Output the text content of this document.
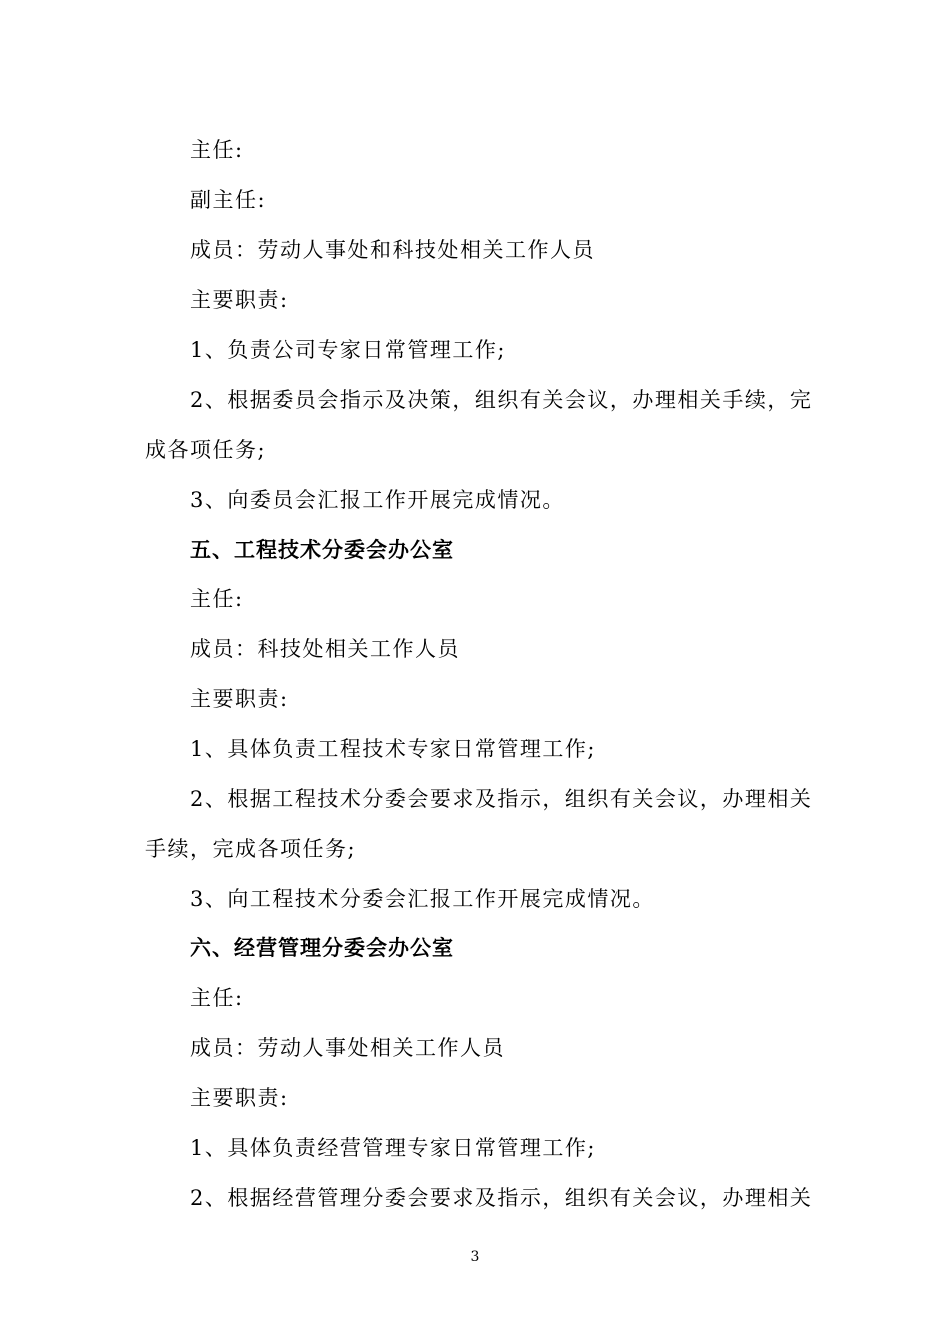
主任:
副主任:
成员：劳动人事处和科技处相关工作人员
主要职责:
1、负责公司专家日常管理工作;
2、根据委员会指示及决策，组织有关会议，办理相关手续，完
成各项任务;
3、向委员会汇报工作开展完成情况。
五、工程技术分委会办公室
主任:
成员：科技处相关工作人员
主要职责:
1、具体负责工程技术专家日常管理工作;
2、根据工程技术分委会要求及指示，组织有关会议，办理相关
手续，完成各项任务;
3、向工程技术分委会汇报工作开展完成情况。
六、经营管理分委会办公室
主任:
成员：劳动人事处相关工作人员
主要职责:
1、具体负责经营管理专家日常管理工作;
2、根据经营管理分委会要求及指示，组织有关会议，办理相关
3
